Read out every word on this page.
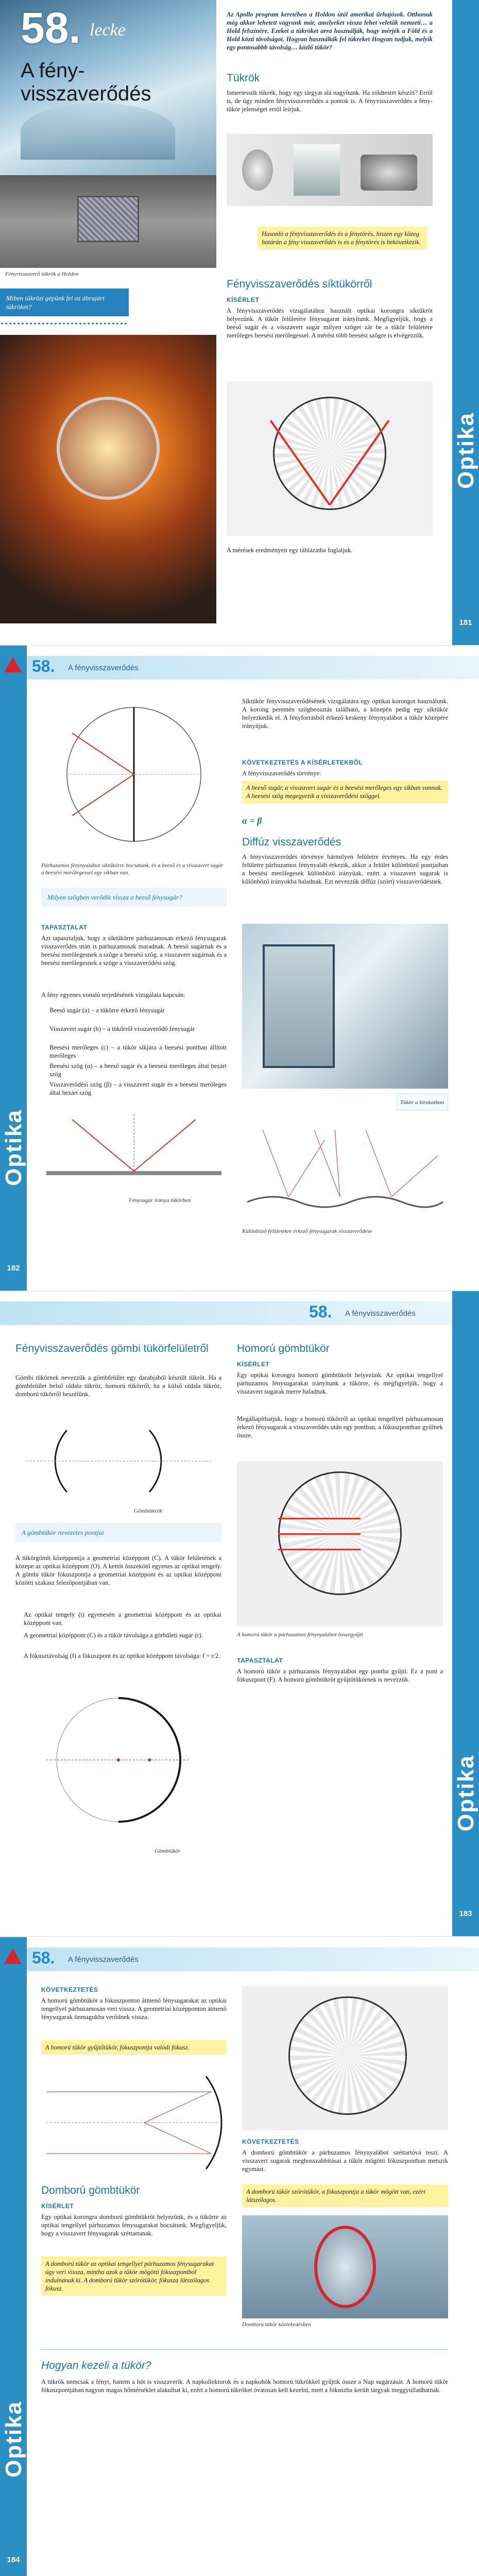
58. lecke
A fény-
visszaverődés
Fényvisszaverő tükrök a Holdon
Miben tükrözi gépünk fel az ábrajárt tükröket?
Az Apollo program keretében a Holdon útól amerikai űrhajósok. Otthonuk még akkor lehetett vagyunk már, amelyeket vissza lehet veletűk nemzeti… a Hold felszínére. Ezeket a tükröket arra használják, hogy mérjék a Föld és a Hold közti távolságot. Hogyan használták fel tükreket Hogyan tudjuk, melyik egy pontosabbb távolság… közlő tükör?
Tükrök
Ismertessük tükrék, hogy egy tárgyat alá nagyítunk. Ha zöldtestet készíti? Erről is, de úgy minden fényvisszaverődés a pontok is. A fényvisszaverődés a fény-tükör jelenséget erről leírjuk.
Hasonló a fényvisszaverődés és a fénytörés, hiszen egy közeg határán a fény visszaverődés is és a fénytörés is bekövetkezik.
Fényvisszaverődés síktükörről
KÍSÉRLET
A fényvisszaverődés vizsgálatához használt optikai korongra síktükröt helyezünk. A tükör felületére fénysugarat irányítunk. Megfigyeljük, hogy a beeső sugár és a visszavert sugár milyen szöget zár be a tükör felületére merőleges beesési merőlegessel. A mérést több beesési szögre is elvégezzük.
A mérések eredményeit egy táblázatba foglaljuk.
Optika
181
Optika
182
58. A fényvisszaverődés
Párhuzamos fénynyalábot síktükörre bocsátunk, és a beeső és a visszavert sugár a beesési merőlegessel egy síkban van.
Milyen szögben verődik vissza a beeső fénysugár?
TAPASZTALAT
Azt tapasztaljuk, hogy a síktükörre párhuzamosan érkező fénysugarak visszaverődés után is párhuzamosak maradnak. A beeső sugárnak és a beesési merőlegesnek a szöge a beesési szög, a visszavert sugárnak és a beesési merőlegesnek a szöge a visszaverődési szög.
A fény egyenes vonalú terjedésének vizsgálata kapcsán:
Beeső sugár (a) – a tükörre érkező fénysugár
Visszavert sugár (b) – a tükörről visszaverődő fénysugár
Beesési merőleges (c) – a tükör síkjára a beesési pontban állított merőleges
Beesési szög (α) – a beeső sugár és a beesési merőleges által bezárt szög
Visszaverődési szög (β) – a visszavert sugár és a beesési merőleges által bezárt szög
Fénysugár iránya tükörben
Síktükör fényvisszaverődésének vizsgálatára egy optikai korongot használunk. A korong peremén szögbeosztás található, a közepén pedig egy síktükör helyezkedik el. A fényforrásból érkező keskeny fénynyalábot a tükör közepére irányítjuk.
KÖVETKEZTETÉS A KÍSÉRLETEKBŐL
A fényvisszaverődés törvénye:
A beeső sugár, a visszavert sugár és a beesési merőleges egy síkban vannak. A beesési szög megegyezik a visszaverődési szöggel.
α = β
Diffúz visszaverődés
A fényvisszaverődés törvénye bármilyen felületre érvényes. Ha egy érdes felületre párhuzamos fénynyaláb érkezik, akkor a felület különböző pontjaiban a beesési merőlegesek különböző irányúak, ezért a visszavert sugarak is különböző irányokba haladnak. Ezt nevezzük diffúz (szórt) visszaverődésnek.
Tükör a kirakatban
Különböző felületekre érkező fénysugarak visszaverődése
58. A fényvisszaverődés
Optika
183
Fényvisszaverődés gömbi tükörfelületről
Gömbi tükörnek nevezzük a gömbfelület egy darabjából készült tükröt. Ha a gömbfelület belső oldala tükröz, homorú tükörről, ha a külső oldala tükröz, domború tükörről beszélünk.
Gömbtükrök
A gömbtükör nevezetes pontjai
A tükörgömb középpontja a geometriai középpont (C). A tükör felületének a közepe az optikai középpont (O). A kettőt összekötő egyenes az optikai tengely. A gömbi tükör fókuszpontja a geometriai középpont és az optikai középpont közötti szakasz felezőpontjában van.
Az optikai tengely (t) egyenesén a geometriai középpont és az optikai középpont van.
A geometriai középpont (C) és a tükör távolsága a görbületi sugár (r).
A fókusztávolság (f) a fókuszpont és az optikai középpont távolsága: f = r/2.
Gömbtükör
Homorú gömbtükör
KÍSÉRLET
Egy optikai korongra homorú gömbtükröt helyezünk. Az optikai tengellyel párhuzamos fénysugarakat irányítunk a tükörre, és megfigyeljük, hogy a visszavert sugarak merre haladnak.
Megállapíthatjuk, hogy a homorú tükörről az optikai tengellyel párhuzamosan érkező fénysugarak a visszaverődés után egy pontban, a fókuszpontban gyűlnek össze.
A homorú tükör a párhuzamos fénynyalábot összegyűjti
TAPASZTALAT
A homorú tükör a párhuzamos fénynyalábot egy pontba gyűjti. Ez a pont a fókuszpont (F). A homorú gömbtükröt gyűjtőtükörnek is nevezzük.
Optika
184
58. A fényvisszaverődés
KÖVETKEZTETÉS
A homorú gömbtükör a fókuszponton átmenő fénysugarakat az optikai tengellyel párhuzamosan veri vissza. A geometriai középponton átmenő fénysugarak önmagukba verődnek vissza.
A homorú tükör gyűjtőtükör, fókuszpontja valódi fókusz.
Domború gömbtükör
KÍSÉRLET
Egy optikai korongra domború gömbtükröt helyezünk, és a tükörre az optikai tengellyel párhuzamos fénysugarakat bocsátunk. Megfigyeljük, hogy a visszavert fénysugarak széttartanak.
A domború tükör az optikai tengellyel párhuzamos fénysugarakat úgy veri vissza, mintha azok a tükör mögötti fókuszpontból indulnának ki. A domború tükör szórótükör, fókusza látszólagos fókusz.
KÖVETKEZTETÉS
A domború gömbtükör a párhuzamos fénynyalábot széttartóvá teszi. A visszavert sugarak meghosszabbításai a tükör mögötti fókuszpontban metszik egymást.
A domború tükör szórótükör, a fókuszpontja a tükör mögött van, ezért látszólagos.
Domború tükör közlekedésben
Hogyan kezeli a tükör?
A tükrök nemcsak a fényt, hanem a hőt is visszaverik. A napkollektorok és a napkohók homorú tükrökkel gyűjtik össze a Nap sugárzását. A homorú tükör fókuszpontjában nagyon magas hőmérséklet alakulhat ki, ezért a homorú tükröket óvatosan kell kezelni, mert a fókuszba került tárgyak meggyulladhatnak.
